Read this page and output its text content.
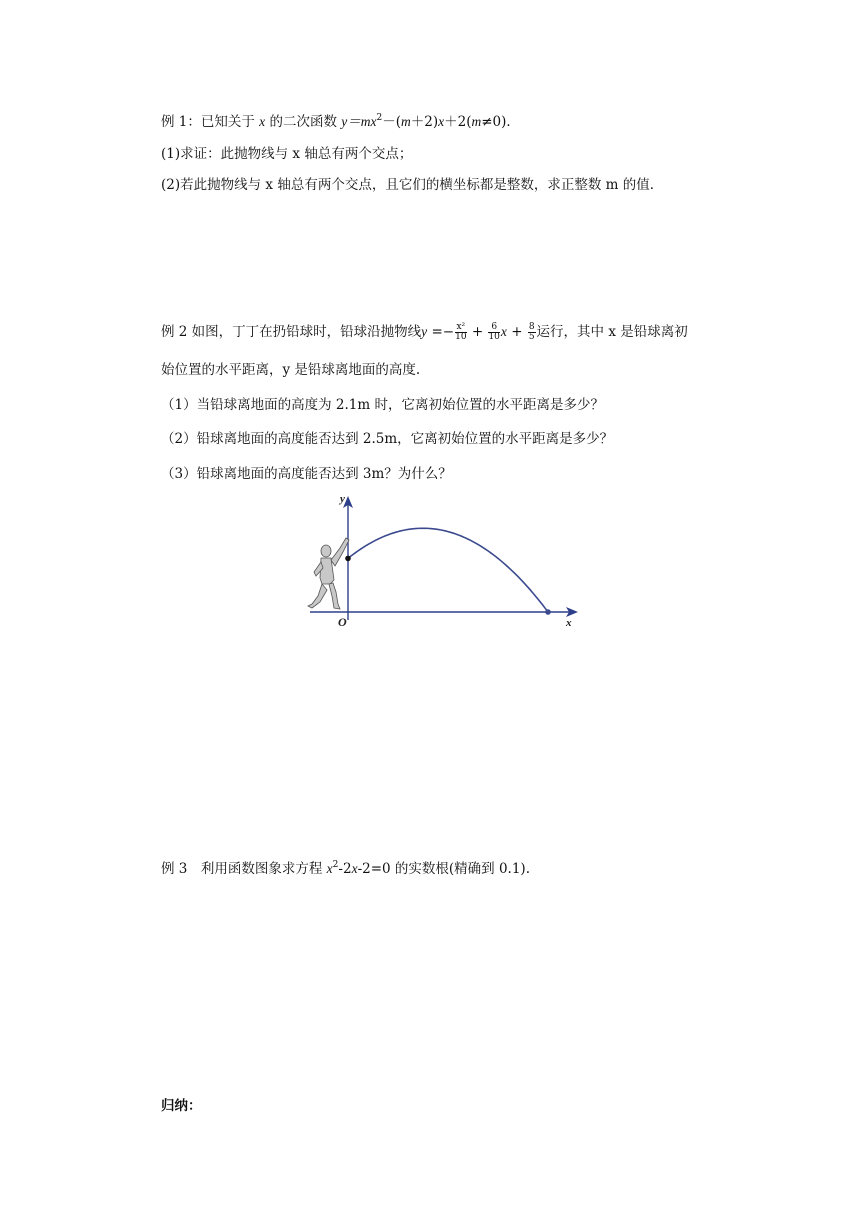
例 1：已知关于 x 的二次函数 $y=mx^2-(m+2)x+2(m\ne 0)$．
(1)求证：此抛物线与 x 轴总有两个交点；
(2)若此抛物线与 x 轴总有两个交点，且它们的横坐标都是整数，求正整数 m 的值．
例 2 如图，丁丁在扔铅球时，铅球沿抛物线$y =- \frac{\text{x²}}{10} + \frac{6}{10}$ $x + \frac{8}{5}$ 运行，其中 x 是铅球离初
始位置的水平距离，y 是铅球离地面的高度.
（1）当铅球离地面的高度为 2.1m 时，它离初始位置的水平距离是多少？
（2）铅球离地面的高度能否达到 2.5m，它离初始位置的水平距离是多少？
（3）铅球离地面的高度能否达到 3m？为什么？
y
x
O
例 3　利用函数图象求方程 $x^2-2x-2=0$ 的实数根(精确到 0.1).
归纳：
